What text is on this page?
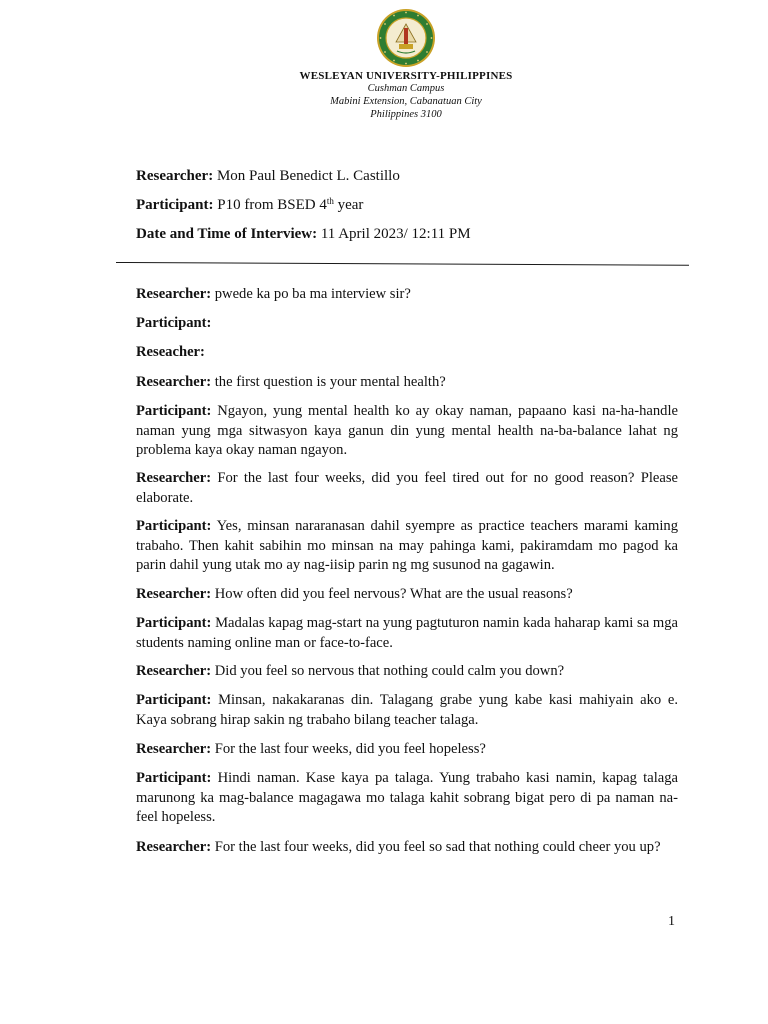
WESLEYAN UNIVERSITY-PHILIPPINES
Cushman Campus
Mabini Extension, Cabanatuan City
Philippines 3100
Researcher: Mon Paul Benedict L. Castillo
Participant: P10 from BSED 4th year
Date and Time of Interview: 11 April 2023/ 12:11 PM

Researcher: pwede ka po ba ma interview sir?

Participant:

Reseacher:

Researcher: the first question is your mental health?

Participant: Ngayon, yung mental health ko ay okay naman, papaano kasi na-ha-handle naman yung mga sitwasyon kaya ganun din yung mental health na-ba-balance lahat ng problema kaya okay naman ngayon.

Researcher: For the last four weeks, did you feel tired out for no good reason? Please elaborate.

Participant: Yes, minsan nararanasan dahil syempre as practice teachers marami kaming trabaho. Then kahit sabihin mo minsan na may pahinga kami, pakiramdam mo pagod ka parin dahil yung utak mo ay nag-iisip parin ng mg susunod na gagawin.

Researcher: How often did you feel nervous? What are the usual reasons?

Participant: Madalas kapag mag-start na yung pagtuturon namin kada haharap kami sa mga students naming online man or face-to-face.

Researcher: Did you feel so nervous that nothing could calm you down?

Participant: Minsan, nakakaranas din. Talagang grabe yung kabe kasi mahiyain ako e. Kaya sobrang hirap sakin ng trabaho bilang teacher talaga.

Researcher: For the last four weeks, did you feel hopeless?

Participant: Hindi naman. Kase kaya pa talaga. Yung trabaho kasi namin, kapag talaga marunong ka mag-balance magagawa mo talaga kahit sobrang bigat pero di pa naman na-feel hopeless.

Researcher: For the last four weeks, did you feel so sad that nothing could cheer you up?

1
